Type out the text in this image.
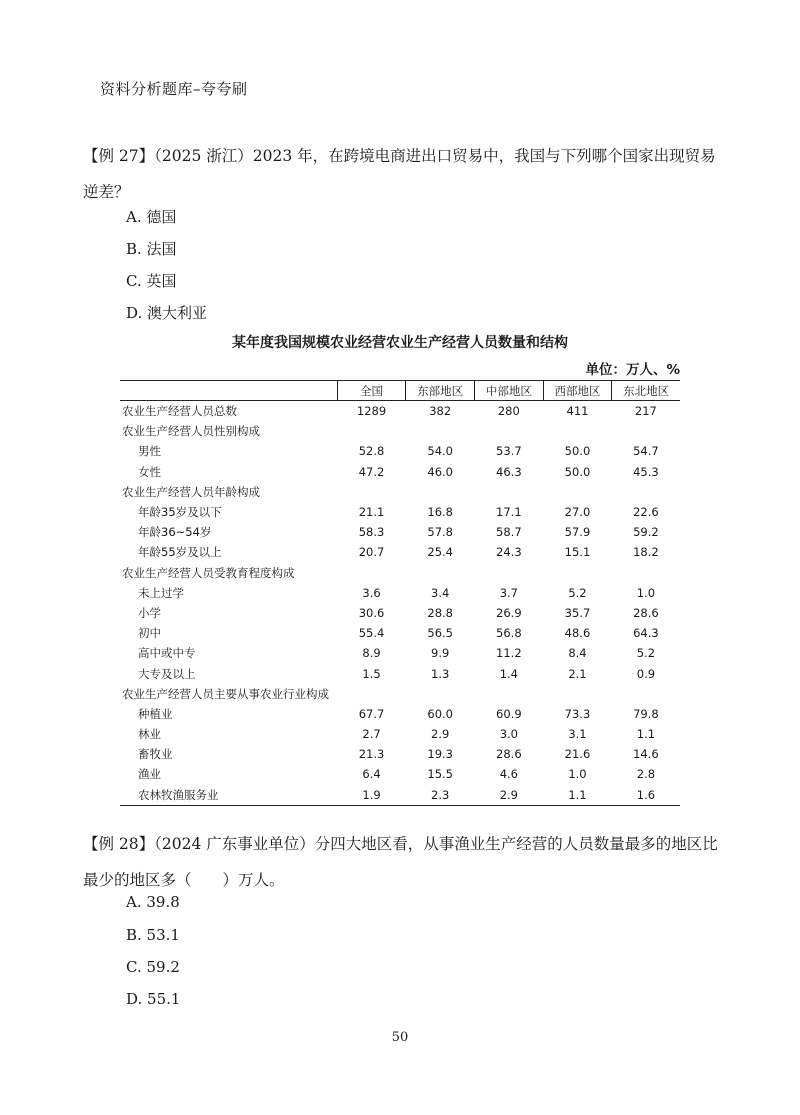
资料分析题库–夸夸刷
【例 27】（2025 浙江）2023 年，在跨境电商进出口贸易中，我国与下列哪个国家出现贸易逆差？
A. 德国
B. 法国
C. 英国
D. 澳大利亚
某年度我国规模农业经营农业生产经营人员数量和结构
单位：万人、%
	全国	东部地区	中部地区	西部地区	东北地区
农业生产经营人员总数	1289	382	280	411	217
农业生产经营人员性别构成					
男性	52.8	54.0	53.7	50.0	54.7
女性	47.2	46.0	46.3	50.0	45.3
农业生产经营人员年龄构成					
年龄35岁及以下	21.1	16.8	17.1	27.0	22.6
年龄36~54岁	58.3	57.8	58.7	57.9	59.2
年龄55岁及以上	20.7	25.4	24.3	15.1	18.2
农业生产经营人员受教育程度构成					
未上过学	3.6	3.4	3.7	5.2	1.0
小学	30.6	28.8	26.9	35.7	28.6
初中	55.4	56.5	56.8	48.6	64.3
高中或中专	8.9	9.9	11.2	8.4	5.2
大专及以上	1.5	1.3	1.4	2.1	0.9
农业生产经营人员主要从事农业行业构成					
种植业	67.7	60.0	60.9	73.3	79.8
林业	2.7	2.9	3.0	3.1	1.1
畜牧业	21.3	19.3	28.6	21.6	14.6
渔业	6.4	15.5	4.6	1.0	2.8
农林牧渔服务业	1.9	2.3	2.9	1.1	1.6
【例 28】（2024 广东事业单位）分四大地区看，从事渔业生产经营的人员数量最多的地区比最少的地区多（　　）万人。
A. 39.8
B. 53.1
C. 59.2
D. 55.1
50
